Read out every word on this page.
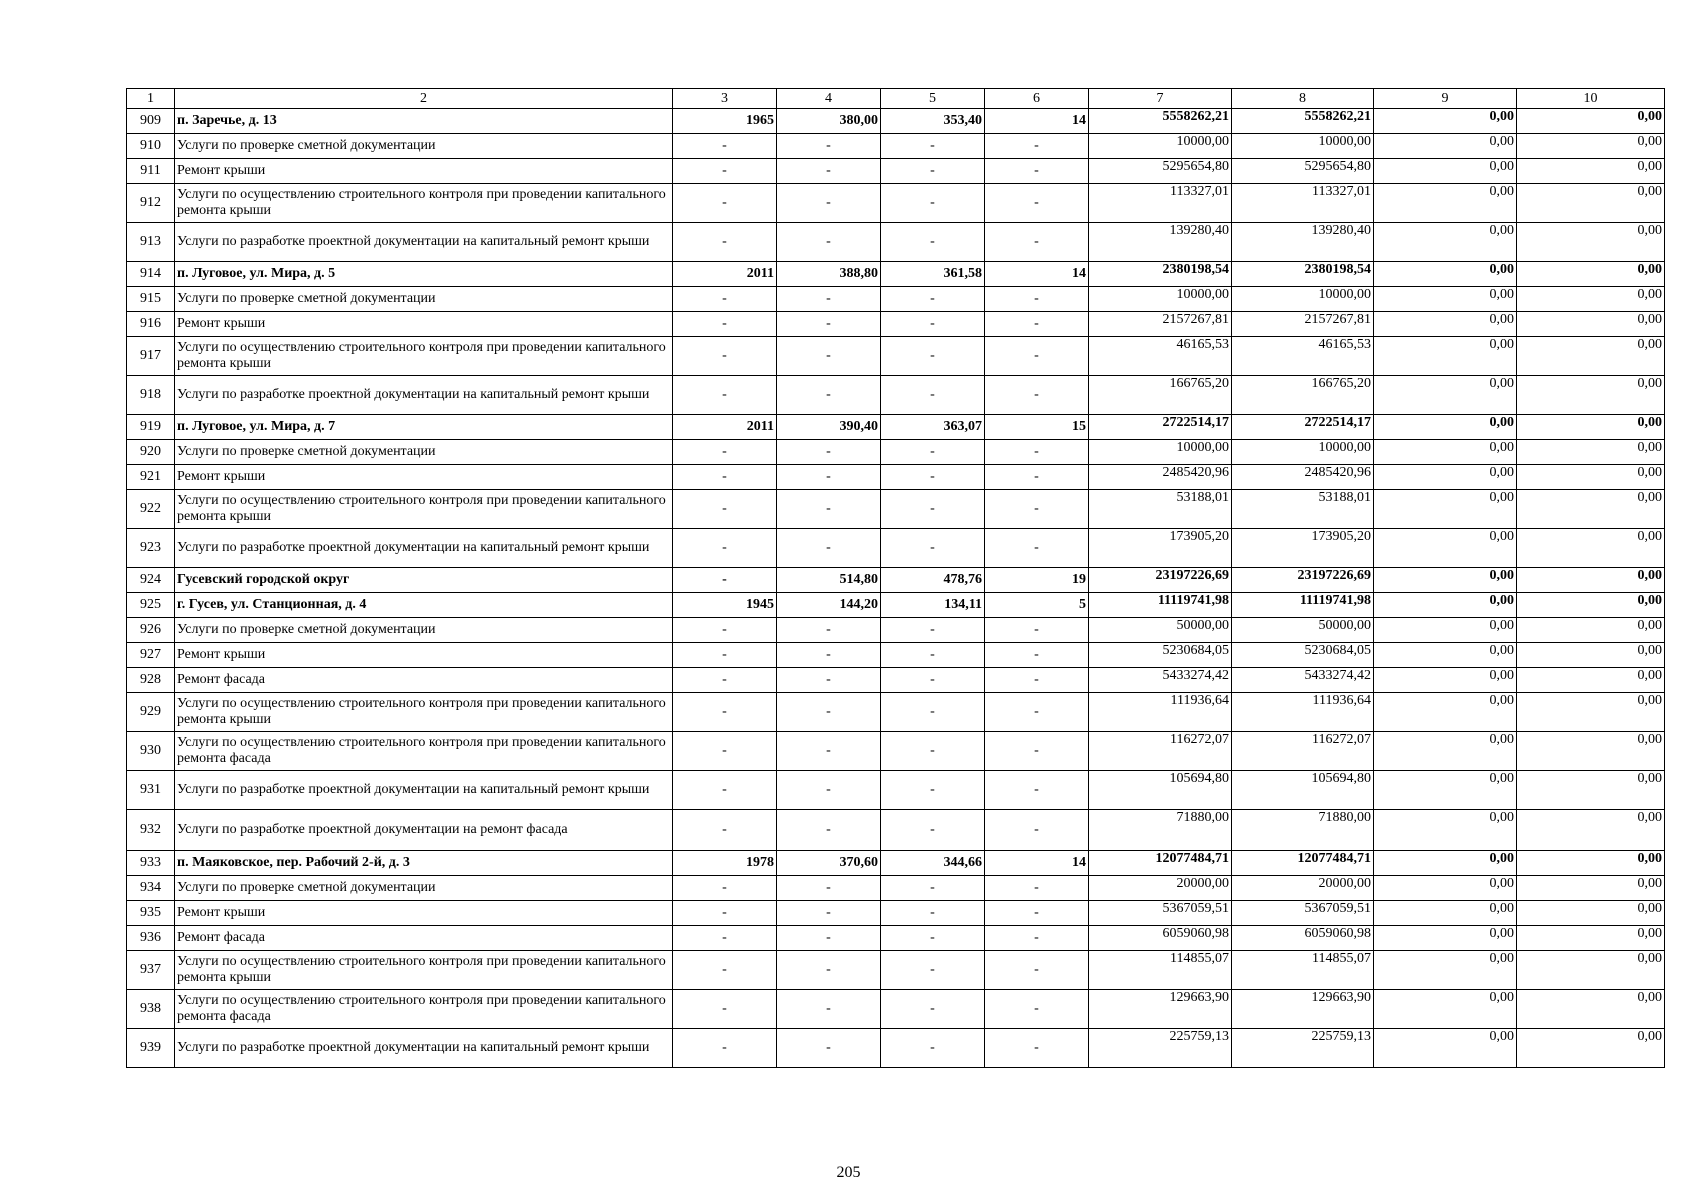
1	2	3	4	5	6	7	8	9	10
909	п. Заречье, д. 13	1965	380,00	353,40	14	5558262,21	5558262,21	0,00	0,00
910	Услуги по проверке сметной документации	-	-	-	-	10000,00	10000,00	0,00	0,00
911	Ремонт крыши	-	-	-	-	5295654,80	5295654,80	0,00	0,00
912	Услуги по осуществлению строительного контроля при проведении капитального ремонта крыши	-	-	-	-	113327,01	113327,01	0,00	0,00
913	Услуги по разработке проектной документации на капитальный ремонт крыши	-	-	-	-	139280,40	139280,40	0,00	0,00
914	п. Луговое, ул. Мира, д. 5	2011	388,80	361,58	14	2380198,54	2380198,54	0,00	0,00
915	Услуги по проверке сметной документации	-	-	-	-	10000,00	10000,00	0,00	0,00
916	Ремонт крыши	-	-	-	-	2157267,81	2157267,81	0,00	0,00
917	Услуги по осуществлению строительного контроля при проведении капитального ремонта крыши	-	-	-	-	46165,53	46165,53	0,00	0,00
918	Услуги по разработке проектной документации на капитальный ремонт крыши	-	-	-	-	166765,20	166765,20	0,00	0,00
919	п. Луговое, ул. Мира, д. 7	2011	390,40	363,07	15	2722514,17	2722514,17	0,00	0,00
920	Услуги по проверке сметной документации	-	-	-	-	10000,00	10000,00	0,00	0,00
921	Ремонт крыши	-	-	-	-	2485420,96	2485420,96	0,00	0,00
922	Услуги по осуществлению строительного контроля при проведении капитального ремонта крыши	-	-	-	-	53188,01	53188,01	0,00	0,00
923	Услуги по разработке проектной документации на капитальный ремонт крыши	-	-	-	-	173905,20	173905,20	0,00	0,00
924	Гусевский городской округ	-	514,80	478,76	19	23197226,69	23197226,69	0,00	0,00
925	г. Гусев, ул. Станционная, д. 4	1945	144,20	134,11	5	11119741,98	11119741,98	0,00	0,00
926	Услуги по проверке сметной документации	-	-	-	-	50000,00	50000,00	0,00	0,00
927	Ремонт крыши	-	-	-	-	5230684,05	5230684,05	0,00	0,00
928	Ремонт фасада	-	-	-	-	5433274,42	5433274,42	0,00	0,00
929	Услуги по осуществлению строительного контроля при проведении капитального ремонта крыши	-	-	-	-	111936,64	111936,64	0,00	0,00
930	Услуги по осуществлению строительного контроля при проведении капитального ремонта фасада	-	-	-	-	116272,07	116272,07	0,00	0,00
931	Услуги по разработке проектной документации на капитальный ремонт крыши	-	-	-	-	105694,80	105694,80	0,00	0,00
932	Услуги по разработке проектной документации на ремонт фасада	-	-	-	-	71880,00	71880,00	0,00	0,00
933	п. Маяковское, пер. Рабочий 2-й, д. 3	1978	370,60	344,66	14	12077484,71	12077484,71	0,00	0,00
934	Услуги по проверке сметной документации	-	-	-	-	20000,00	20000,00	0,00	0,00
935	Ремонт крыши	-	-	-	-	5367059,51	5367059,51	0,00	0,00
936	Ремонт фасада	-	-	-	-	6059060,98	6059060,98	0,00	0,00
937	Услуги по осуществлению строительного контроля при проведении капитального ремонта крыши	-	-	-	-	114855,07	114855,07	0,00	0,00
938	Услуги по осуществлению строительного контроля при проведении капитального ремонта фасада	-	-	-	-	129663,90	129663,90	0,00	0,00
939	Услуги по разработке проектной документации на капитальный ремонт крыши	-	-	-	-	225759,13	225759,13	0,00	0,00
205
